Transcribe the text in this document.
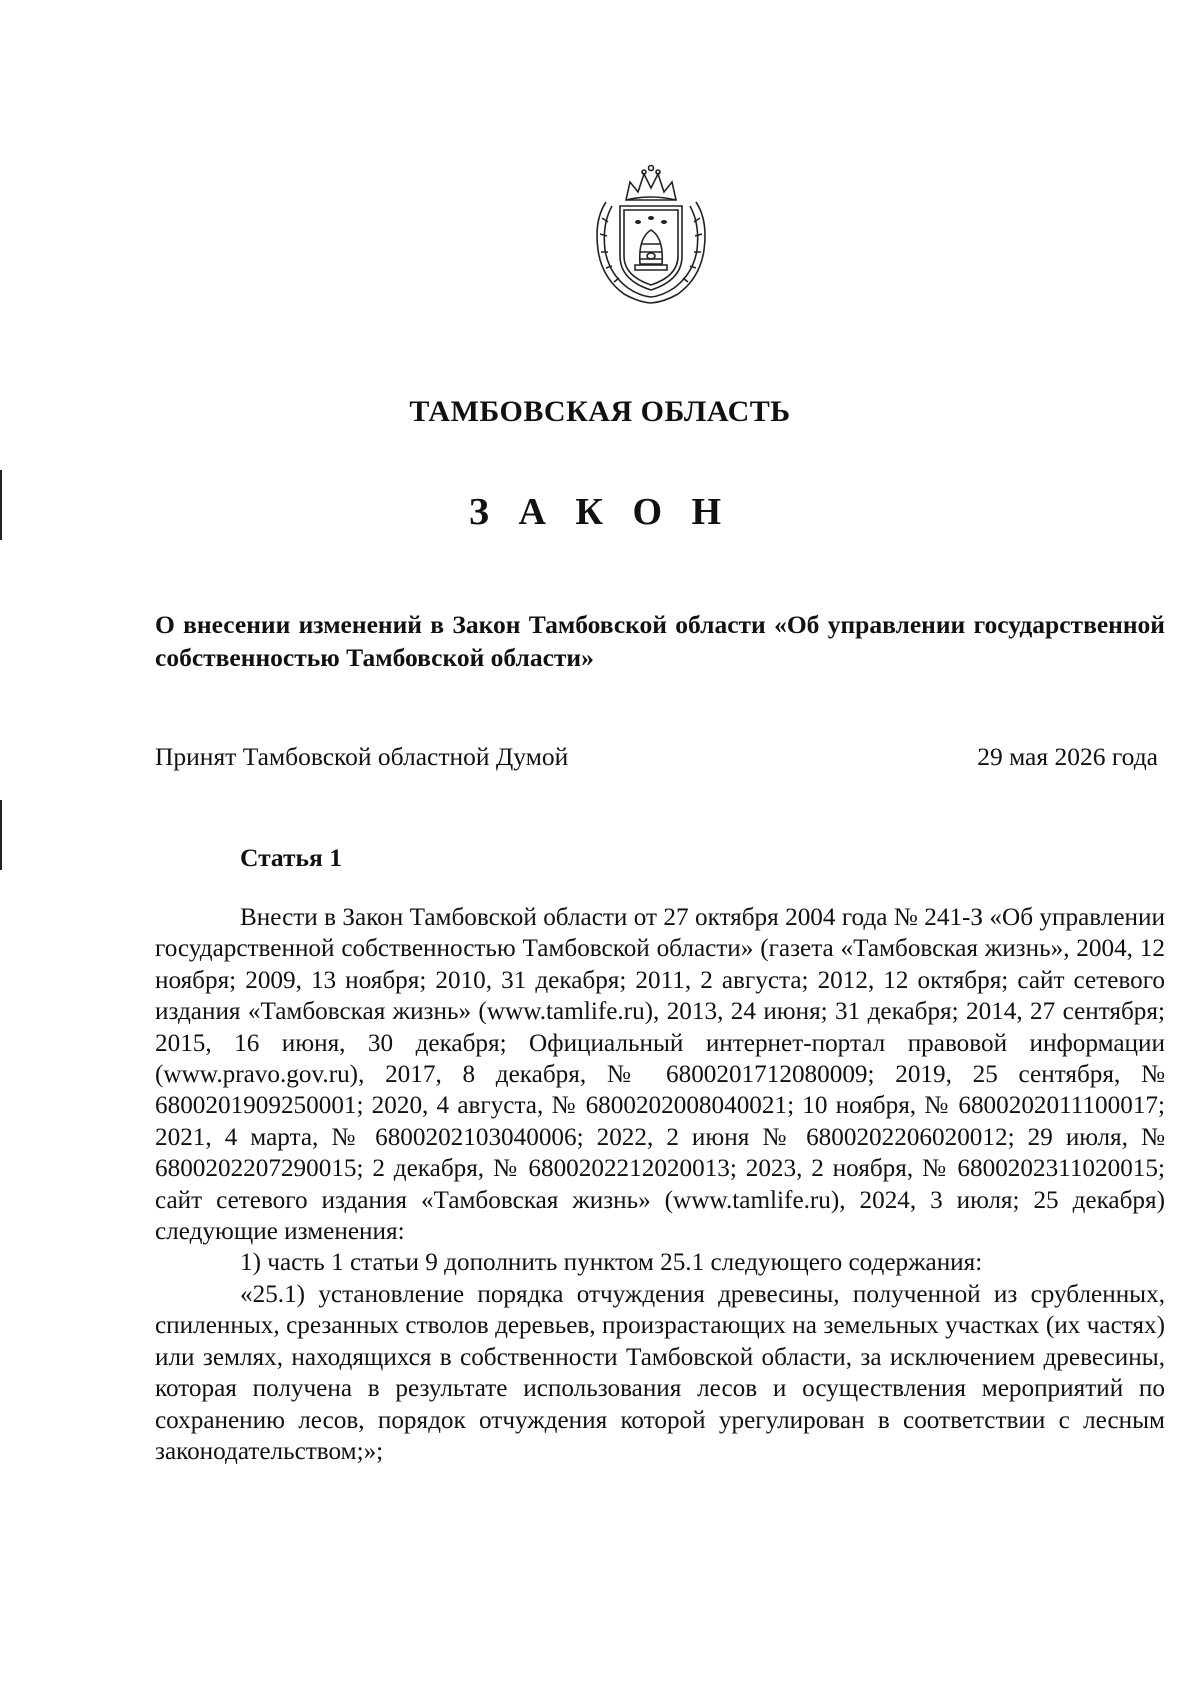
ТАМБОВСКАЯ ОБЛАСТЬ
З А К О Н
О внесении изменений в Закон Тамбовской области «Об управлении государственной собственностью Тамбовской области»
Принят Тамбовской областной Думой	29 мая 2026 года
Статья 1

Внести в Закон Тамбовской области от 27 октября 2004 года № 241-З «Об управлении государственной собственностью Тамбовской области» (газета «Тамбовская жизнь», 2004, 12 ноября; 2009, 13 ноября; 2010, 31 декабря; 2011, 2 августа; 2012, 12 октября; сайт сетевого издания «Тамбовская жизнь» (www.tamlife.ru), 2013, 24 июня; 31 декабря; 2014, 27 сентября; 2015, 16 июня, 30 декабря; Официальный интернет-портал правовой информации (www.pravo.gov.ru), 2017, 8 декабря, № 6800201712080009; 2019, 25 сентября, № 6800201909250001; 2020, 4 августа, № 6800202008040021; 10 ноября, № 6800202011100017; 2021, 4 марта, № 6800202103040006; 2022, 2 июня № 6800202206020012; 29 июля, № 6800202207290015; 2 декабря, № 6800202212020013; 2023, 2 ноября, № 6800202311020015; сайт сетевого издания «Тамбовская жизнь» (www.tamlife.ru), 2024, 3 июля; 25 декабря) следующие изменения:

1) часть 1 статьи 9 дополнить пунктом 25.1 следующего содержания:

«25.1) установление порядка отчуждения древесины, полученной из срубленных, спиленных, срезанных стволов деревьев, произрастающих на земельных участках (их частях) или землях, находящихся в собственности Тамбовской области, за исключением древесины, которая получена в результате использования лесов и осуществления мероприятий по сохранению лесов, порядок отчуждения которой урегулирован в соответствии с лесным законодательством;»;
